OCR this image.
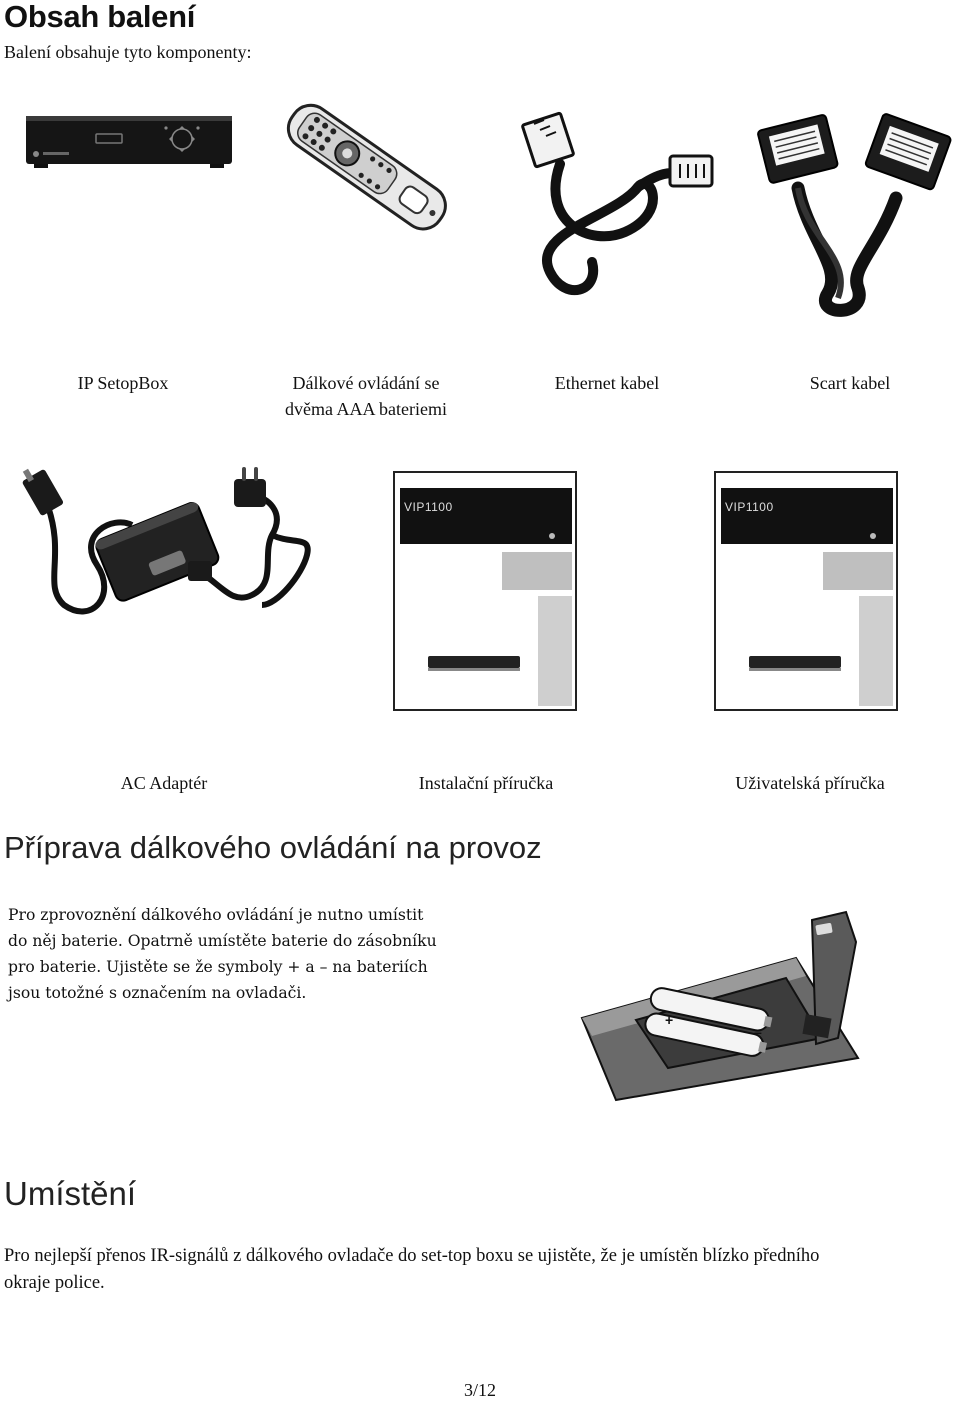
Obsah balení
Balení obsahuje tyto komponenty:
IP SetopBox	Dálkové ovládání se
dvěma AAA bateriemi
Ethernet kabel	Scart kabel
VIP1100	VIP1100
AC Adaptér	Instalační příručka	Uživatelská příručka
Příprava dálkového ovládání na provoz

Pro zprovoznění dálkového ovládání je nutno umístit

do něj baterie. Opatrně umístěte baterie do zásobníku

pro baterie. Ujistěte se že symboly + a – na bateriích

jsou totožné s označením na ovladači.

+
–
Umístění

Pro nejlepší přenos IR-signálů z dálkového ovladače do set-top boxu se ujistěte, že je umístěn blízko předního

okraje police.

3/12
